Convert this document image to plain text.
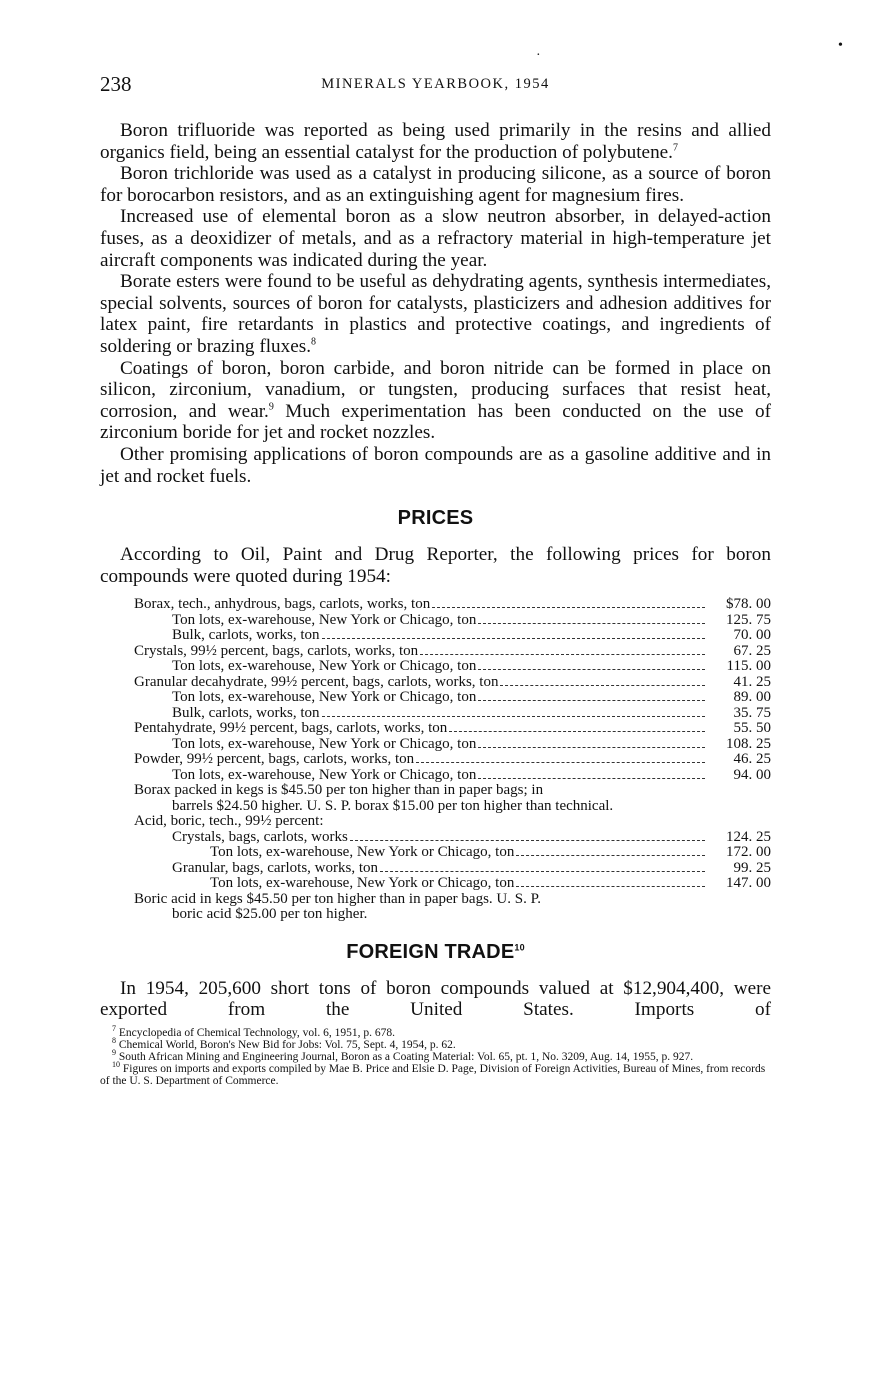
·
•
238	MINERALS YEARBOOK, 1954

Boron trifluoride was reported as being used primarily in the resins and allied organics field, being an essential catalyst for the production of polybutene.$^7$

Boron trichloride was used as a catalyst in producing silicone, as a source of boron for borocarbon resistors, and as an extinguishing agent for magnesium fires.

Increased use of elemental boron as a slow neutron absorber, in delayed-action fuses, as a deoxidizer of metals, and as a refractory material in high-temperature jet aircraft components was indicated during the year.

Borate esters were found to be useful as dehydrating agents, synthesis intermediates, special solvents, sources of boron for catalysts, plasticizers and adhesion additives for latex paint, fire retardants in plastics and protective coatings, and ingredients of soldering or brazing fluxes.$^8$

Coatings of boron, boron carbide, and boron nitride can be formed in place on silicon, zirconium, vanadium, or tungsten, producing surfaces that resist heat, corrosion, and wear.$^9$ Much experimentation has been conducted on the use of zirconium boride for jet and rocket nozzles.

Other promising applications of boron compounds are as a gasoline additive and in jet and rocket fuels.

PRICES

According to Oil, Paint and Drug Reporter, the following prices for boron compounds were quoted during 1954:

Borax, tech., anhydrous, bags, carlots, works, ton	$78. 00
Ton lots, ex-warehouse, New York or Chicago, ton	125. 75
Bulk, carlots, works, ton	70. 00
Crystals, 99½ percent, bags, carlots, works, ton	67. 25
Ton lots, ex-warehouse, New York or Chicago, ton	115. 00
Granular decahydrate, 99½ percent, bags, carlots, works, ton	41. 25
Ton lots, ex-warehouse, New York or Chicago, ton	89. 00
Bulk, carlots, works, ton	35. 75
Pentahydrate, 99½ percent, bags, carlots, works, ton	55. 50
Ton lots, ex-warehouse, New York or Chicago, ton	108. 25
Powder, 99½ percent, bags, carlots, works, ton	46. 25
Ton lots, ex-warehouse, New York or Chicago, ton	94. 00
Borax packed in kegs is $45.50 per ton higher than in paper bags; in
barrels $24.50 higher. U. S. P. borax $15.00 per ton higher than technical.
Acid, boric, tech., 99½ percent:
Crystals, bags, carlots, works	124. 25
Ton lots, ex-warehouse, New York or Chicago, ton	172. 00
Granular, bags, carlots, works, ton	99. 25
Ton lots, ex-warehouse, New York or Chicago, ton	147. 00
Boric acid in kegs $45.50 per ton higher than in paper bags. U. S. P.
boric acid $25.00 per ton higher.
FOREIGN TRADE$^{10}$

In 1954, 205,600 short tons of boron compounds valued at $12,904,400, were exported from the United States. Imports of

$^7$ Encyclopedia of Chemical Technology, vol. 6, 1951, p. 678.
$^8$ Chemical World, Boron's New Bid for Jobs: Vol. 75, Sept. 4, 1954, p. 62.
$^9$ South African Mining and Engineering Journal, Boron as a Coating Material: Vol. 65, pt. 1, No. 3209, Aug. 14, 1955, p. 927.
$^{10}$ Figures on imports and exports compiled by Mae B. Price and Elsie D. Page, Division of Foreign Activities, Bureau of Mines, from records of the U. S. Department of Commerce.
